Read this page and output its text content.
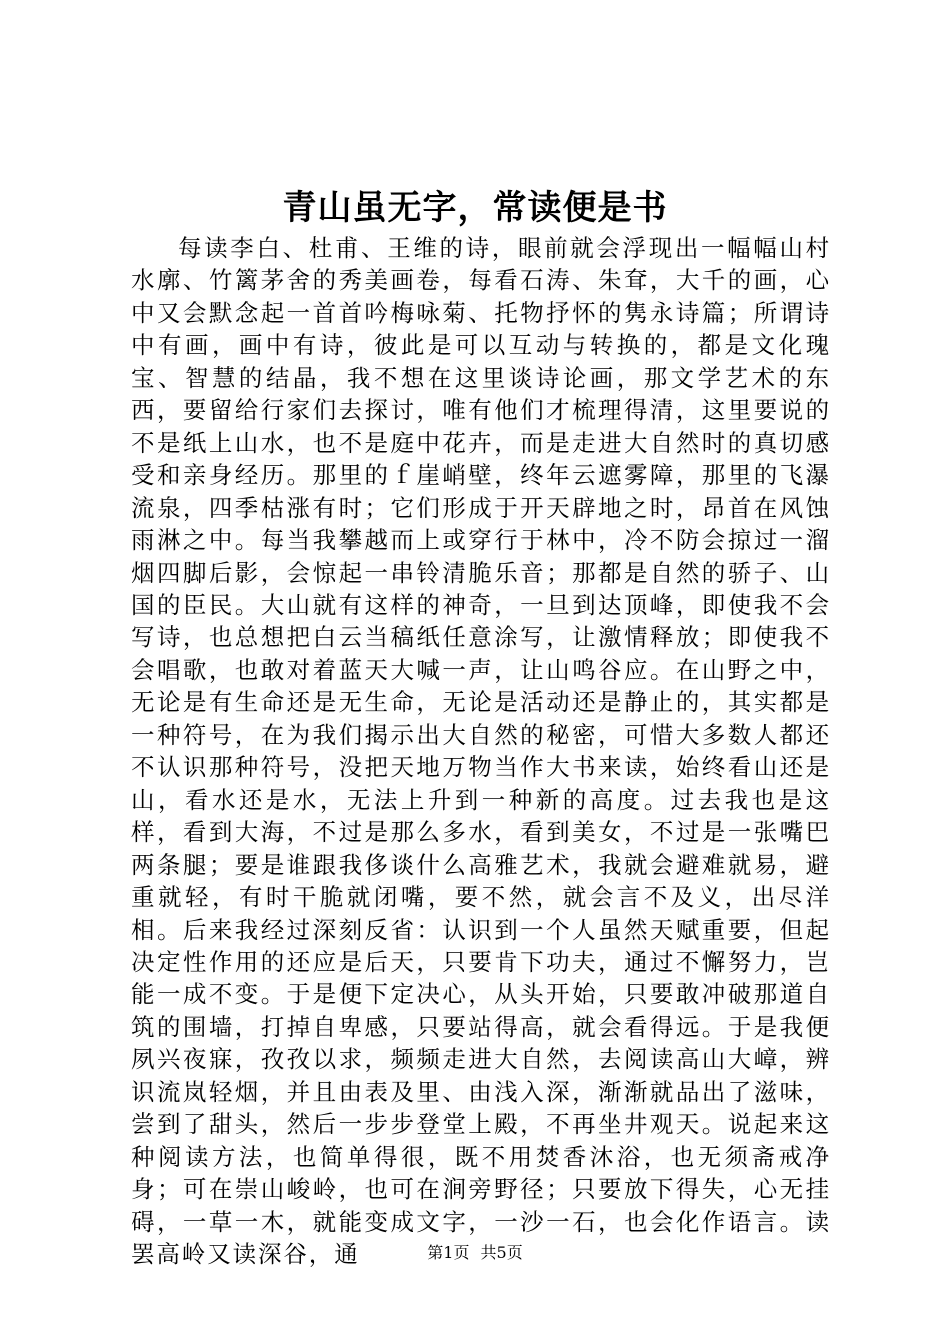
青山虽无字，常读便是书

每读李白、杜甫、王维的诗，眼前就会浮现出一幅幅山村水廓、竹篱茅舍的秀美画卷，每看石涛、朱耷，大千的画，心中又会默念起一首首吟梅咏菊、托物抒怀的隽永诗篇；所谓诗中有画，画中有诗，彼此是可以互动与转换的，都是文化瑰宝、智慧的结晶，我不想在这里谈诗论画，那文学艺术的东西，要留给行家们去探讨，唯有他们才梳理得清，这里要说的不是纸上山水，也不是庭中花卉，而是走进大自然时的真切感受和亲身经历。那里的ｆ崖峭壁，终年云遮雾障，那里的飞瀑流泉，四季枯涨有时；它们形成于开天辟地之时，昂首在风蚀雨淋之中。每当我攀越而上或穿行于林中，冷不防会掠过一溜烟四脚后影，会惊起一串铃清脆乐音；那都是自然的骄子、山国的臣民。大山就有这样的神奇，一旦到达顶峰，即使我不会写诗，也总想把白云当稿纸任意涂写，让激情释放；即使我不会唱歌，也敢对着蓝天大喊一声，让山鸣谷应。在山野之中，无论是有生命还是无生命，无论是活动还是静止的，其实都是一种符号，在为我们揭示出大自然的秘密，可惜大多数人都还不认识那种符号，没把天地万物当作大书来读，始终看山还是山，看水还是水，无法上升到一种新的高度。过去我也是这样，看到大海，不过是那么多水，看到美女，不过是一张嘴巴两条腿；要是谁跟我侈谈什么高雅艺术，我就会避难就易，避重就轻，有时干脆就闭嘴，要不然，就会言不及义，出尽洋相。后来我经过深刻反省：认识到一个人虽然天赋重要，但起决定性作用的还应是后天，只要肯下功夫，通过不懈努力，岂能一成不变。于是便下定决心，从头开始，只要敢冲破那道自筑的围墙，打掉自卑感，只要站得高，就会看得远。于是我便夙兴夜寐，孜孜以求，频频走进大自然，去阅读高山大嶂，辨识流岚轻烟，并且由表及里、由浅入深，渐渐就品出了滋味，尝到了甜头，然后一步步登堂上殿，不再坐井观天。说起来这种阅读方法，也简单得很，既不用焚香沐浴，也无须斋戒净身；可在崇山峻岭，也可在涧旁野径；只要放下得失，心无挂碍，一草一木，就能变成文字，一沙一石，也会化作语言。读罢高岭又读深谷，通	第1页 共5页
